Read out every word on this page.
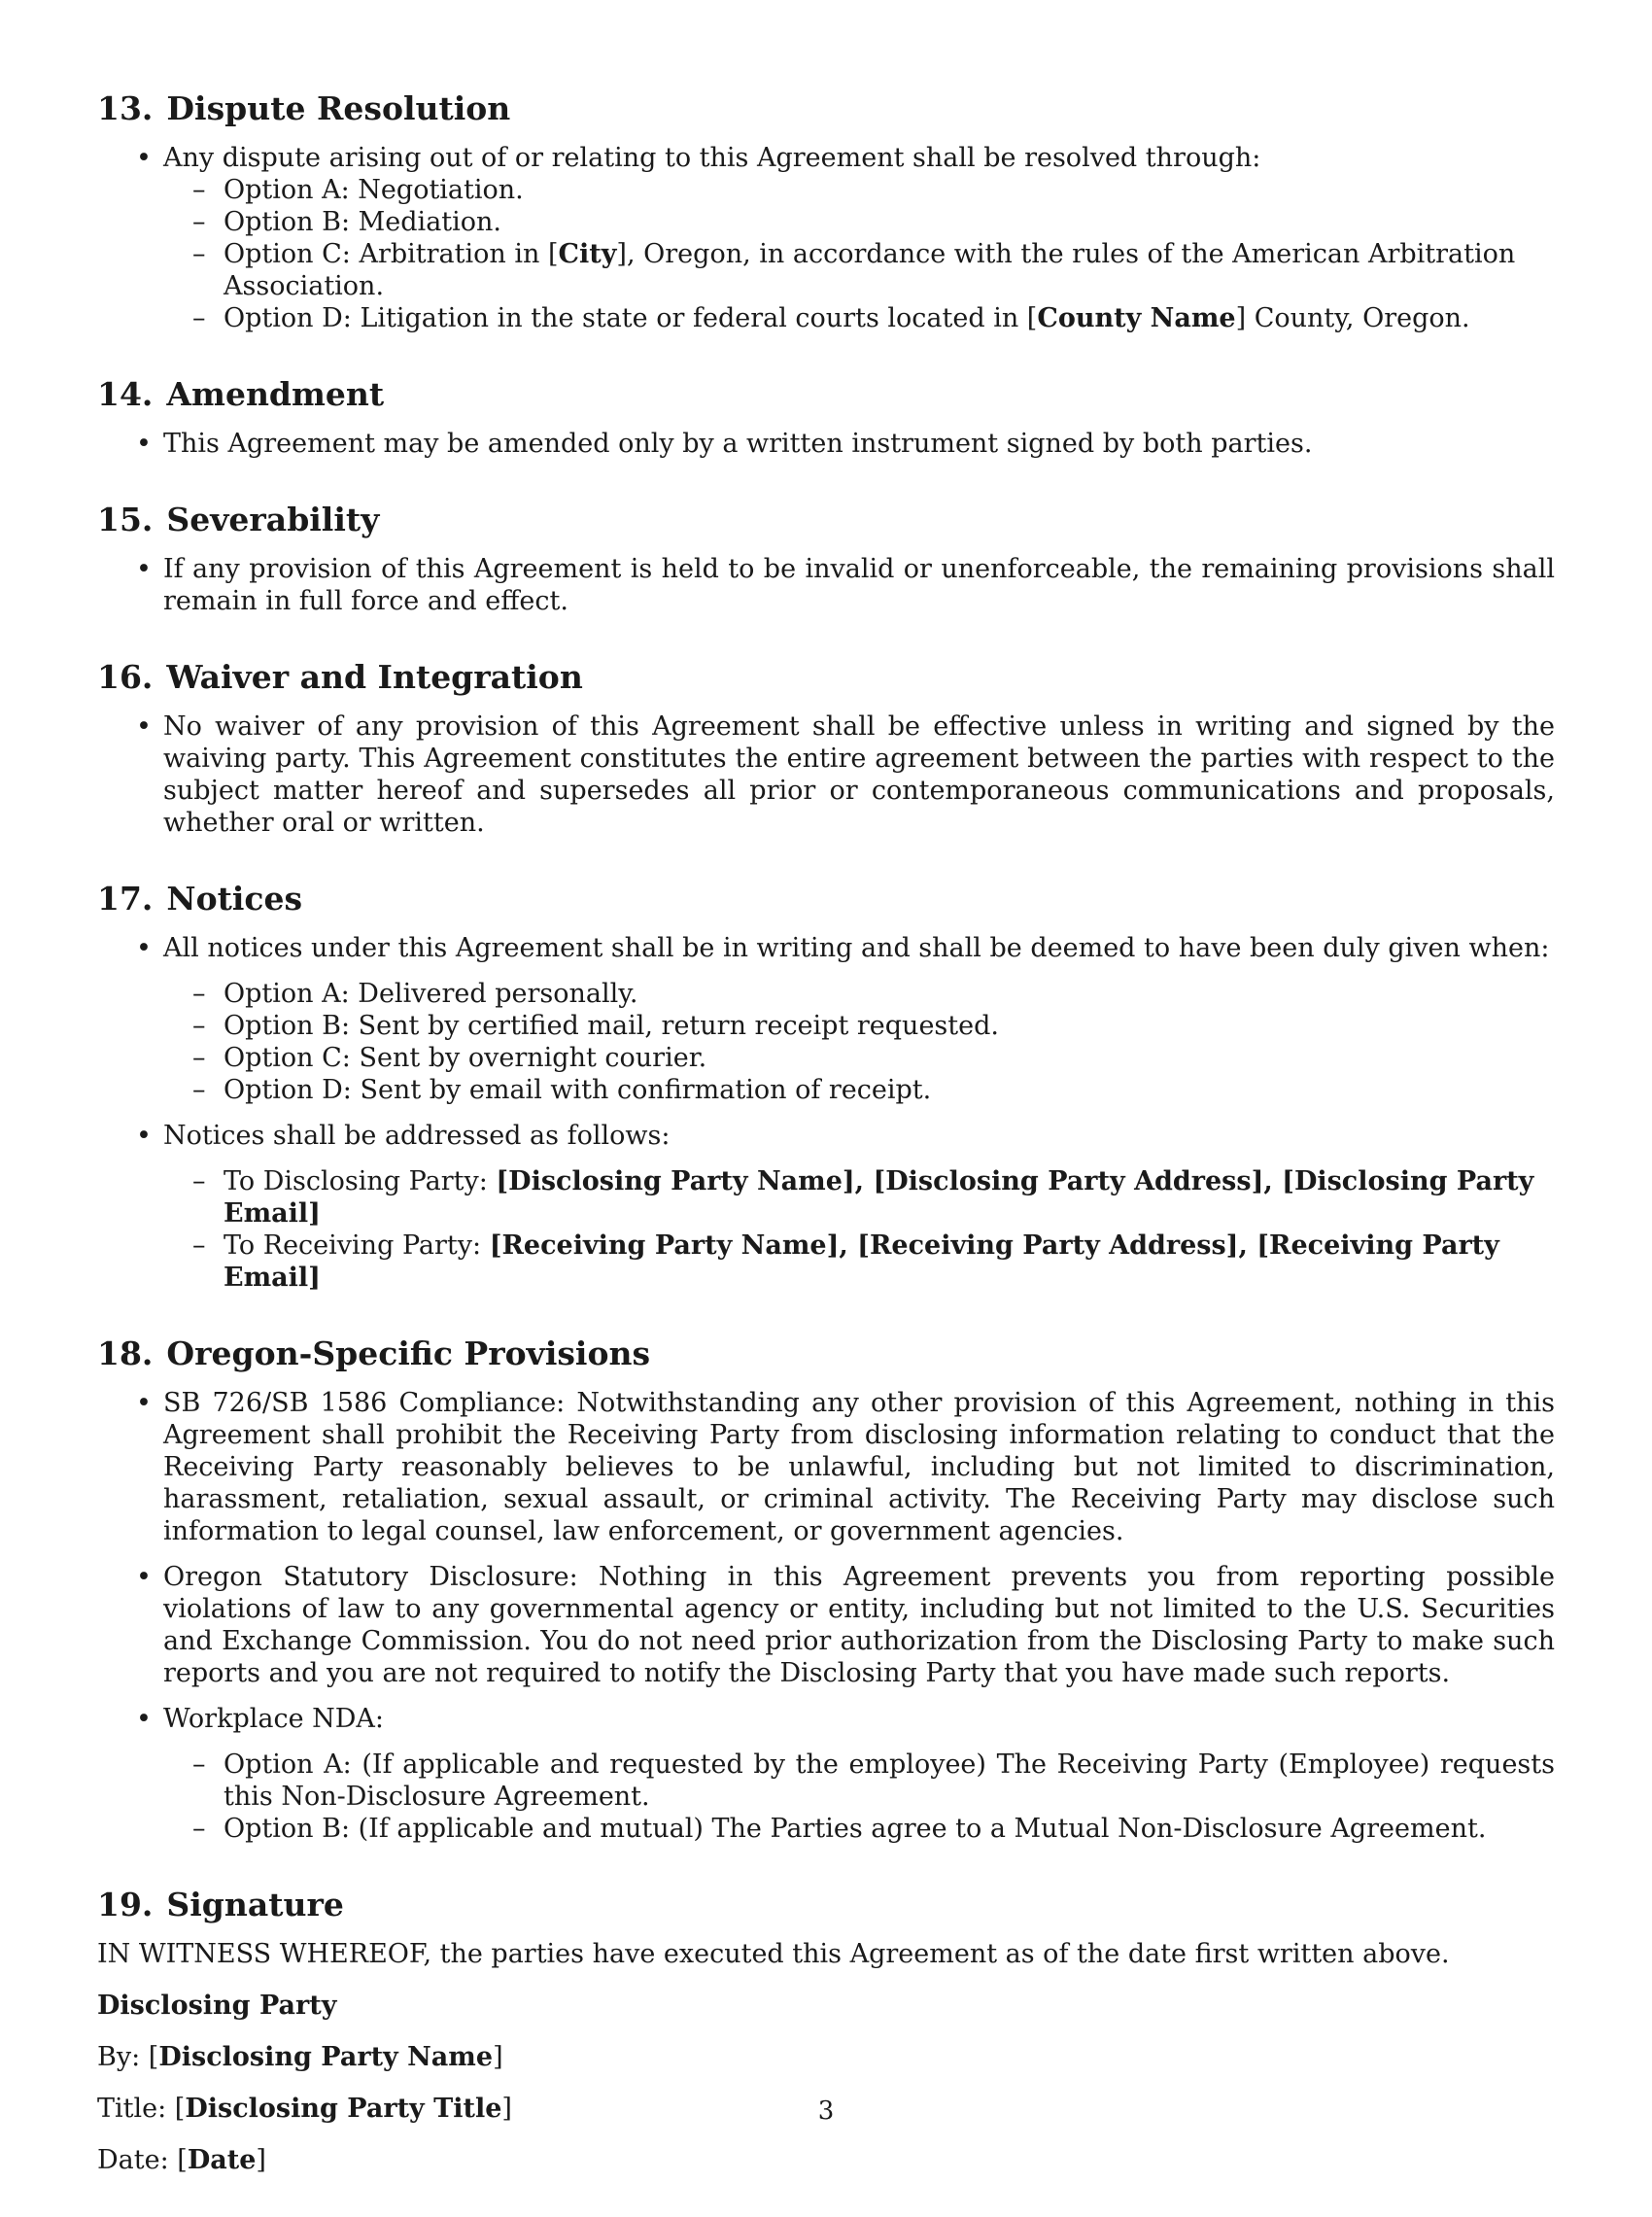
13. Dispute Resolution
• Any dispute arising out of or relating to this Agreement shall be resolved through:
– Option A: Negotiation.
– Option B: Mediation.
– Option C: Arbitration in [City], Oregon, in accordance with the rules of the American Arbitration Association.
– Option D: Litigation in the state or federal courts located in [County Name] County, Oregon.
14. Amendment
• This Agreement may be amended only by a written instrument signed by both parties.
15. Severability
• If any provision of this Agreement is held to be invalid or unenforceable, the remaining provisions shall remain in full force and effect.
16. Waiver and Integration
• No waiver of any provision of this Agreement shall be effective unless in writing and signed by the waiving party. This Agreement constitutes the entire agreement between the parties with respect to the subject matter hereof and supersedes all prior or contemporaneous communications and proposals, whether oral or written.
17. Notices
• All notices under this Agreement shall be in writing and shall be deemed to have been duly given when:
– Option A: Delivered personally.
– Option B: Sent by certified mail, return receipt requested.
– Option C: Sent by overnight courier.
– Option D: Sent by email with confirmation of receipt.
• Notices shall be addressed as follows:
– To Disclosing Party: [Disclosing Party Name], [Disclosing Party Address], [Disclosing Party Email]
– To Receiving Party: [Receiving Party Name], [Receiving Party Address], [Receiving Party Email]
18. Oregon-Specific Provisions
• SB 726/SB 1586 Compliance: Notwithstanding any other provision of this Agreement, nothing in this Agreement shall prohibit the Receiving Party from disclosing information relating to conduct that the Receiving Party reasonably believes to be unlawful, including but not limited to discrimination, harassment, retaliation, sexual assault, or criminal activity. The Receiving Party may disclose such information to legal counsel, law enforcement, or government agencies.
• Oregon Statutory Disclosure: Nothing in this Agreement prevents you from reporting possible violations of law to any governmental agency or entity, including but not limited to the U.S. Securities and Exchange Commission. You do not need prior authorization from the Disclosing Party to make such reports and you are not required to notify the Disclosing Party that you have made such reports.
• Workplace NDA:
– Option A: (If applicable and requested by the employee) The Receiving Party (Employee) requests this Non-Disclosure Agreement.
– Option B: (If applicable and mutual) The Parties agree to a Mutual Non-Disclosure Agreement.
19. Signature

IN WITNESS WHEREOF, the parties have executed this Agreement as of the date first written above.

Disclosing Party

By: [Disclosing Party Name]

Title: [Disclosing Party Title]

Date: [Date]

3
